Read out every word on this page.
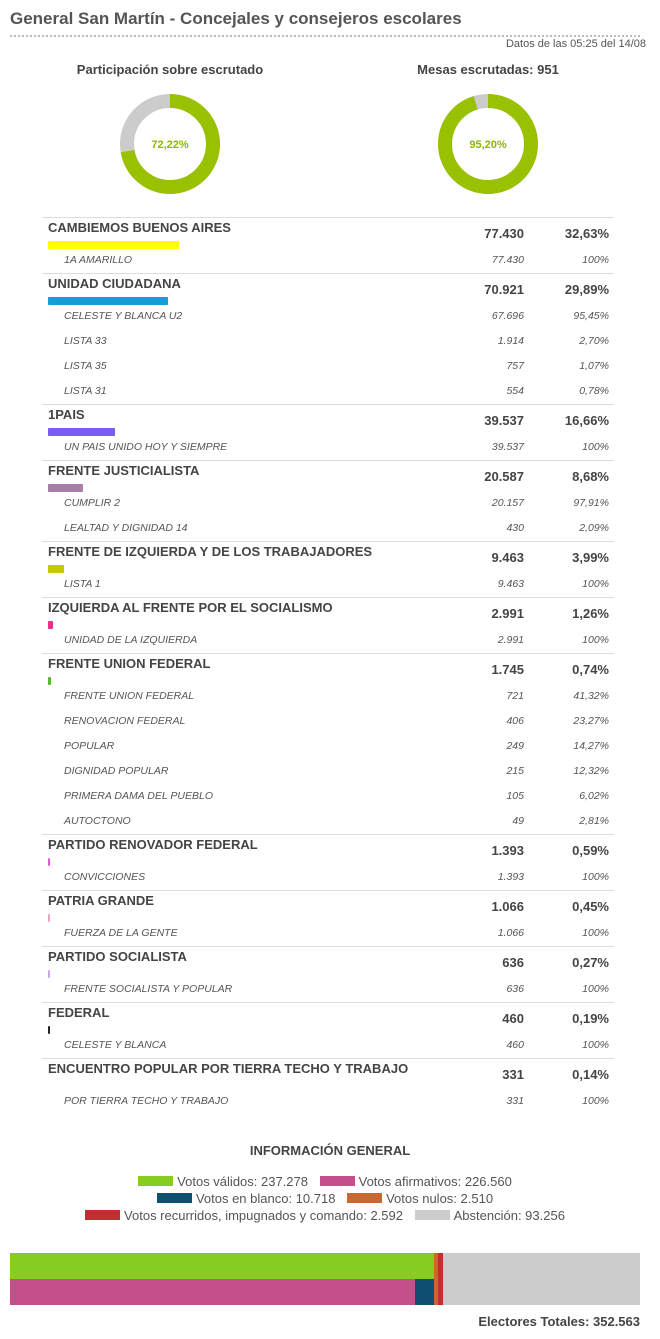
General San Martín - Concejales y consejeros escolares
Datos de las 05:25 del 14/08
Participación sobre escrutado
72,22%
Mesas escrutadas: 951
95,20%
CAMBIEMOS BUENOS AIRES	77.430	32,63%
1A AMARILLO	77.430	100%
UNIDAD CIUDADANA	70.921	29,89%
CELESTE Y BLANCA U2	67.696	95,45%
LISTA 33	1.914	2,70%
LISTA 35	757	1,07%
LISTA 31	554	0,78%
1PAIS	39.537	16,66%
UN PAIS UNIDO HOY Y SIEMPRE	39.537	100%
FRENTE JUSTICIALISTA	20.587	8,68%
CUMPLIR 2	20.157	97,91%
LEALTAD Y DIGNIDAD 14	430	2,09%
FRENTE DE IZQUIERDA Y DE LOS TRABAJADORES	9.463	3,99%
LISTA 1	9.463	100%
IZQUIERDA AL FRENTE POR EL SOCIALISMO	2.991	1,26%
UNIDAD DE LA IZQUIERDA	2.991	100%
FRENTE UNION FEDERAL	1.745	0,74%
FRENTE UNION FEDERAL	721	41,32%
RENOVACION FEDERAL	406	23,27%
POPULAR	249	14,27%
DIGNIDAD POPULAR	215	12,32%
PRIMERA DAMA DEL PUEBLO	105	6,02%
AUTOCTONO	49	2,81%
PARTIDO RENOVADOR FEDERAL	1.393	0,59%
CONVICCIONES	1.393	100%
PATRIA GRANDE	1.066	0,45%
FUERZA DE LA GENTE	1.066	100%
PARTIDO SOCIALISTA	636	0,27%
FRENTE SOCIALISTA Y POPULAR	636	100%
FEDERAL	460	0,19%
CELESTE Y BLANCA	460	100%
ENCUENTRO POPULAR POR TIERRA TECHO Y TRABAJO	331	0,14%
POR TIERRA TECHO Y TRABAJO	331	100%
INFORMACIÓN GENERAL
Votos válidos: 237.278	Votos afirmativos: 226.560
Votos en blanco: 10.718	Votos nulos: 2.510
Votos recurridos, impugnados y comando: 2.592	Abstención: 93.256
Electores Totales: 352.563
